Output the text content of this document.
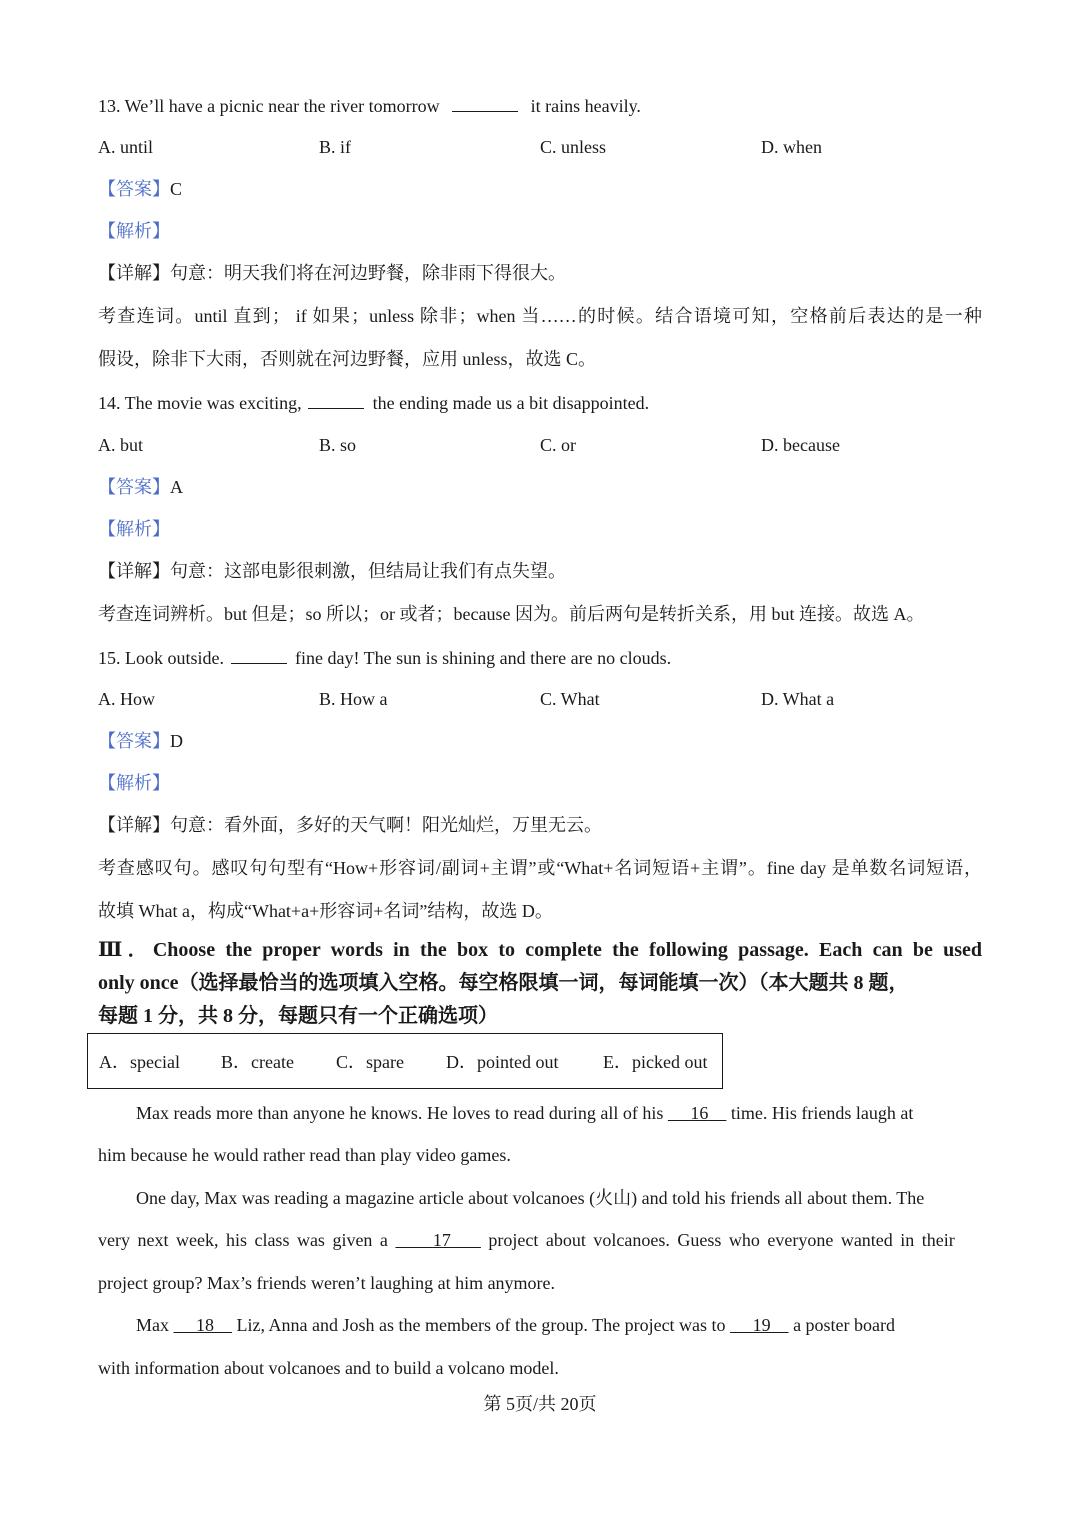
13. We’ll have a picnic near the river tomorrow	it rains heavily.
A. until	B. if	C. unless	D. when
【答案】C
【解析】
【详解】句意：明天我们将在河边野餐，除非雨下得很大。
考查连词。until 直到； if 如果；unless 除非；when 当……的时候。结合语境可知，空格前后表达的是一种
假设，除非下大雨，否则就在河边野餐，应用 unless，故选 C。
14. The movie was exciting,	the ending made us a bit disappointed.
A. but	B. so	C. or	D. because
【答案】A
【解析】
【详解】句意：这部电影很刺激，但结局让我们有点失望。
考查连词辨析。but 但是；so 所以；or 或者；because 因为。前后两句是转折关系，用 but 连接。故选 A。
15. Look outside.	fine day! The sun is shining and there are no clouds.
A. How	B. How a	C. What	D. What a
【答案】D
【解析】
【详解】句意：看外面，多好的天气啊！阳光灿烂，万里无云。
考查感叹句。感叹句句型有“How+形容词/副词+主谓”或“What+名词短语+主谓”。fine day 是单数名词短语，
故填 What a，构成“What+a+形容词+名词”结构，故选 D。
Ⅲ．Choose the proper words in the box to complete the following passage. Each can be used
only once（选择最恰当的选项填入空格。每空格限填一词，每词能填一次）（本大题共 8 题，
每题 1 分，共 8 分，每题只有一个正确选项）
A．special B．create C．spare D．pointed out E．picked out
Max reads more than anyone he knows. He loves to read during all of his 16 time. His friends laugh at
him because he would rather read than play video games.
One day, Max was reading a magazine article about volcanoes (火山) and told his friends all about them. The
very next week, his class was given a	17 project about volcanoes. Guess who everyone wanted in their
project group? Max’s friends weren’t laughing at him anymore.
Max 18 Liz, Anna and Josh as the members of the group. The project was to 19 a poster board
with information about volcanoes and to build a volcano model.
第 5页/共 20页
